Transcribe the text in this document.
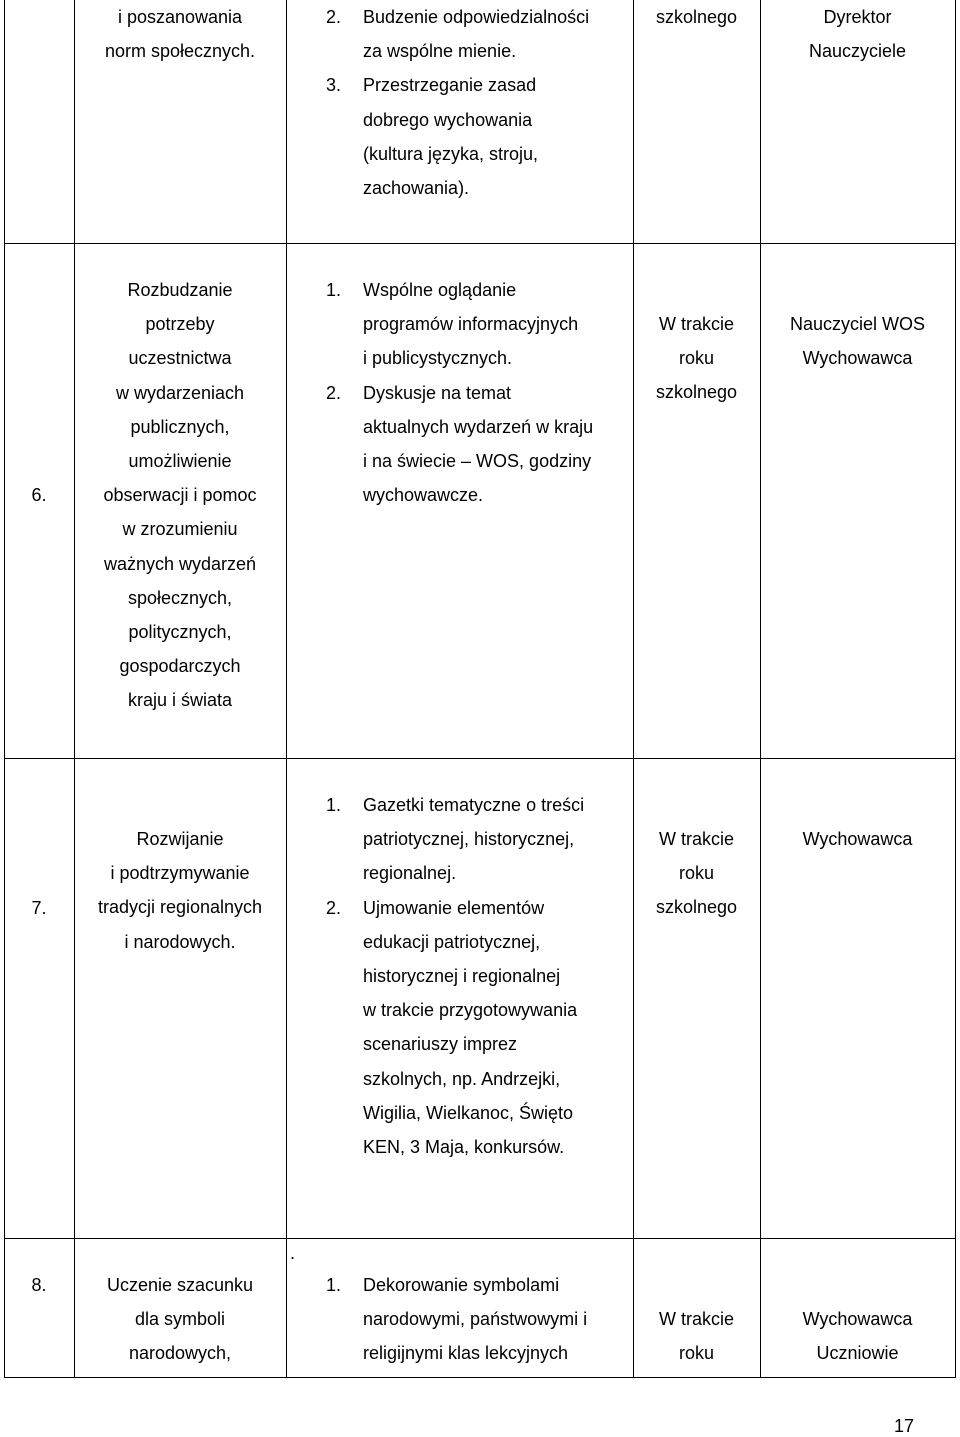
i poszanowania
norm społecznych.
2. Budzenie odpowiedzialności
za wspólne mienie.
3. Przestrzeganie zasad
dobrego wychowania
(kultura języka, stroju,
zachowania).
szkolnego	Dyrektor
Nauczyciele
6.
Rozbudzanie
potrzeby
uczestnictwa
w wydarzeniach
publicznych,
umożliwienie
obserwacji i pomoc
w zrozumieniu
ważnych wydarzeń
społecznych,
politycznych,
gospodarczych
kraju i świata
1. Wspólne oglądanie
programów informacyjnych
i publicystycznych.
2. Dyskusje na temat
aktualnych wydarzeń w kraju
i na świecie – WOS, godziny
wychowawcze.
W trakcie
roku
szkolnego
Nauczyciel WOS
Wychowawca
7.
Rozwijanie
i podtrzymywanie
tradycji regionalnych
i narodowych.
1. Gazetki tematyczne o treści
patriotycznej, historycznej,
regionalnej.
2. Ujmowanie elementów
edukacji patriotycznej,
historycznej i regionalnej
w trakcie przygotowywania
scenariuszy imprez
szkolnych, np. Andrzejki,
Wigilia, Wielkanoc, Święto
KEN, 3 Maja, konkursów.
W trakcie
roku
szkolnego
Wychowawca
8.	Uczenie szacunku
dla symboli
narodowych,
.
1. Dekorowanie symbolami
narodowymi, państwowymi i
religijnymi klas lekcyjnych
W trakcie
roku
Wychowawca
Uczniowie
17
